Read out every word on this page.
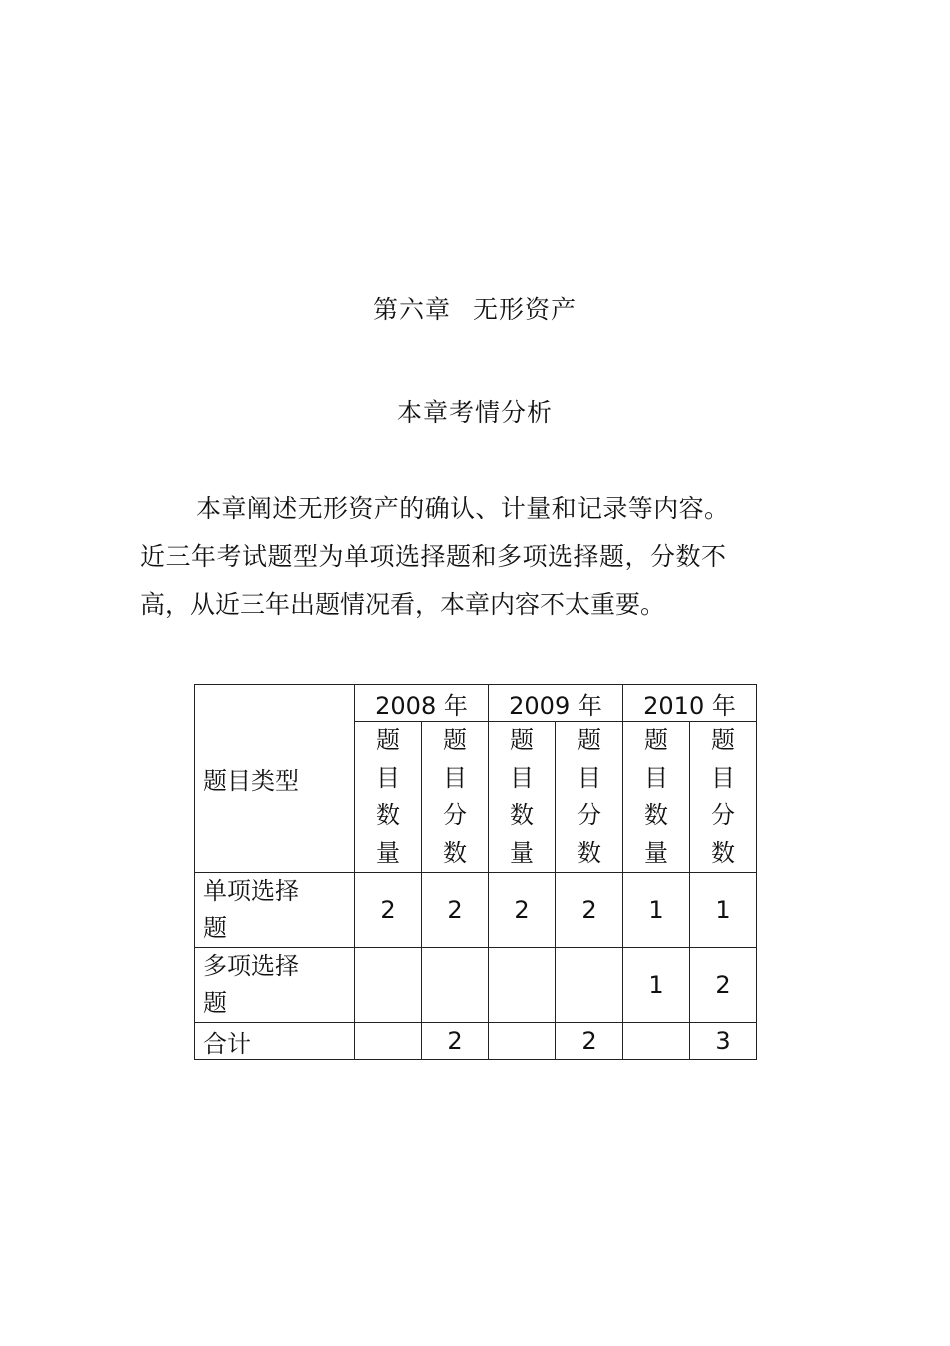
第六章 无形资产
本章考情分析
本章阐述无形资产的确认、计量和记录等内容。
近三年考试题型为单项选择题和多项选择题，分数不
高，从近三年出题情况看，本章内容不太重要。
题目类型	2008 年		2009 年		2010 年	

	题
目
数
量	题
目
分
数	题
目
数
量	题
目
分
数	题
目
数
量	题
目
分
数

单项选择
题	2	2	2	2	1	1

多项选择
题					1	2
合计		2		2		3
